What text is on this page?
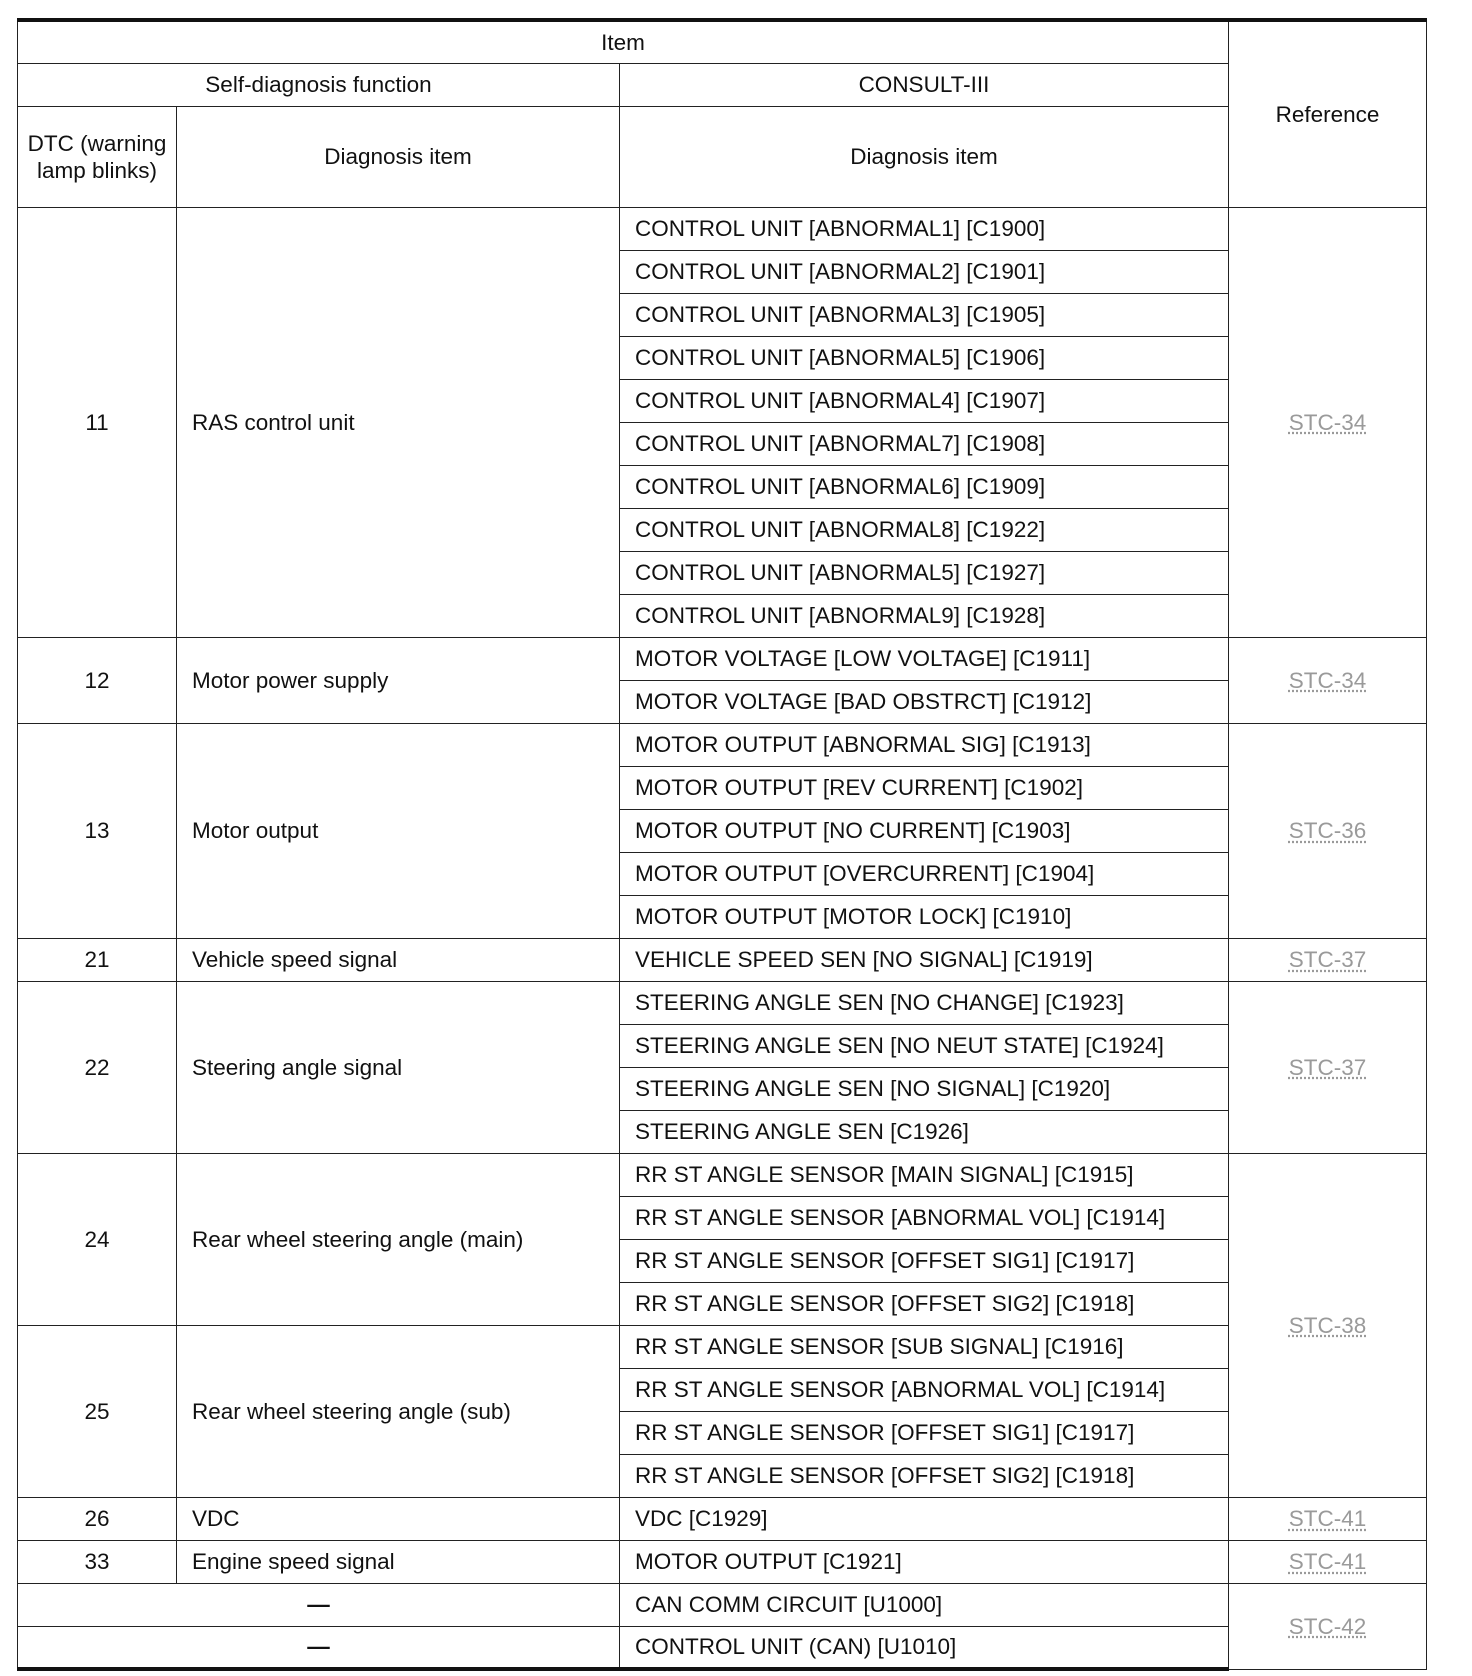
Item			Reference
Self-diagnosis function		CONSULT-III	
DTC (warning lamp blinks)	Diagnosis item	Diagnosis item	
11	RAS control unit	CONTROL UNIT [ABNORMAL1] [C1900]	STC-34
		CONTROL UNIT [ABNORMAL2] [C1901]	
		CONTROL UNIT [ABNORMAL3] [C1905]	
		CONTROL UNIT [ABNORMAL5] [C1906]	
		CONTROL UNIT [ABNORMAL4] [C1907]	
		CONTROL UNIT [ABNORMAL7] [C1908]	
		CONTROL UNIT [ABNORMAL6] [C1909]	
		CONTROL UNIT [ABNORMAL8] [C1922]	
		CONTROL UNIT [ABNORMAL5] [C1927]	
		CONTROL UNIT [ABNORMAL9] [C1928]	
12	Motor power supply	MOTOR VOLTAGE [LOW VOLTAGE] [C1911]	STC-34
		MOTOR VOLTAGE [BAD OBSTRCT] [C1912]	
13	Motor output	MOTOR OUTPUT [ABNORMAL SIG] [C1913]	STC-36
		MOTOR OUTPUT [REV CURRENT] [C1902]	
		MOTOR OUTPUT [NO CURRENT] [C1903]	
		MOTOR OUTPUT [OVERCURRENT] [C1904]	
		MOTOR OUTPUT [MOTOR LOCK] [C1910]	
21	Vehicle speed signal	VEHICLE SPEED SEN [NO SIGNAL] [C1919]	STC-37
22	Steering angle signal	STEERING ANGLE SEN [NO CHANGE] [C1923]	STC-37
		STEERING ANGLE SEN [NO NEUT STATE] [C1924]	
		STEERING ANGLE SEN [NO SIGNAL] [C1920]	
		STEERING ANGLE SEN [C1926]	
24	Rear wheel steering angle (main)	RR ST ANGLE SENSOR [MAIN SIGNAL] [C1915]	STC-38
		RR ST ANGLE SENSOR [ABNORMAL VOL] [C1914]	
		RR ST ANGLE SENSOR [OFFSET SIG1] [C1917]	
		RR ST ANGLE SENSOR [OFFSET SIG2] [C1918]	
25	Rear wheel steering angle (sub)	RR ST ANGLE SENSOR [SUB SIGNAL] [C1916]	
		RR ST ANGLE SENSOR [ABNORMAL VOL] [C1914]	
		RR ST ANGLE SENSOR [OFFSET SIG1] [C1917]	
		RR ST ANGLE SENSOR [OFFSET SIG2] [C1918]	
26	VDC	VDC [C1929]	STC-41
33	Engine speed signal	MOTOR OUTPUT [C1921]	STC-41
—		CAN COMM CIRCUIT [U1000]	STC-42
—		CONTROL UNIT (CAN) [U1010]	
